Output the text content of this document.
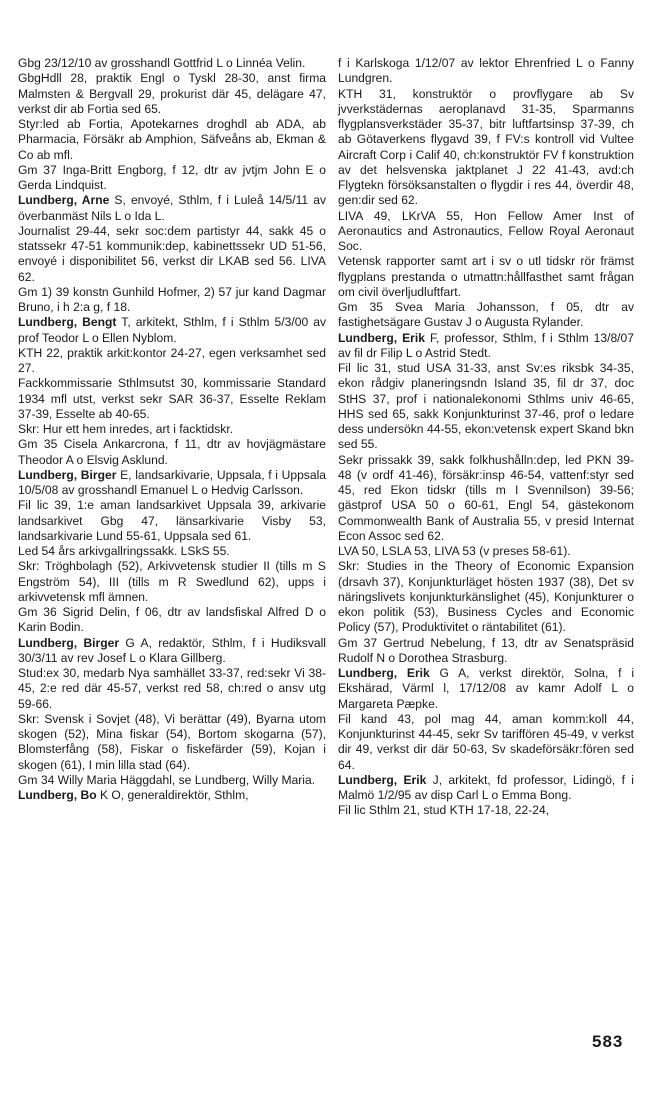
Gbg 23/12/10 av grosshandl Gottfrid L o Linnéa Velin.

GbgHdll 28, praktik Engl o Tyskl 28-30, anst firma Malmsten & Bergvall 29, prokurist där 45, delägare 47, verkst dir ab Fortia sed 65.

Styr:led ab Fortia, Apotekarnes droghdl ab ADA, ab Pharmacia, Försäkr ab Amphion, Säfveåns ab, Ekman & Co ab mfl.

Gm 37 Inga-Britt Engborg, f 12, dtr av jvtjm John E o Gerda Lindquist.

Lundberg, Arne S, envoyé, Sthlm, f i Luleå 14/5/11 av överbanmäst Nils L o Ida L.

Journalist 29-44, sekr soc:dem partistyr 44, sakk 45 o statssekr 47-51 kommunik:dep, kabinettssekr UD 51-56, envoyé i disponibilitet 56, verkst dir LKAB sed 56. LIVA 62.

Gm 1) 39 konstn Gunhild Hofmer, 2) 57 jur kand Dagmar Bruno, i h 2:a g, f 18.

Lundberg, Bengt T, arkitekt, Sthlm, f i Sthlm 5/3/00 av prof Teodor L o Ellen Nyblom.

KTH 22, praktik arkit:kontor 24-27, egen verksamhet sed 27.

Fackkommissarie Sthlmsutst 30, kommissarie Standard 1934 mfl utst, verkst sekr SAR 36-37, Esselte Reklam 37-39, Esselte ab 40-65.

Skr: Hur ett hem inredes, art i facktidskr.

Gm 35 Cisela Ankarcrona, f 11, dtr av hovjägmästare Theodor A o Elsvig Asklund.

Lundberg, Birger E, landsarkivarie, Uppsala, f i Uppsala 10/5/08 av grosshandl Emanuel L o Hedvig Carlsson.

Fil lic 39, 1:e aman landsarkivet Uppsala 39, arkivarie landsarkivet Gbg 47, länsarkivarie Visby 53, landsarkivarie Lund 55-61, Uppsala sed 61.

Led 54 års arkivgallringssakk. LSkS 55.

Skr: Tröghbolagh (52), Arkivvetensk studier II (tills m S Engström 54), III (tills m R Swedlund 62), upps i arkivvetensk mfl ämnen.

Gm 36 Sigrid Delin, f 06, dtr av landsfiskal Alfred D o Karin Bodin.

Lundberg, Birger G A, redaktör, Sthlm, f i Hudiksvall 30/3/11 av rev Josef L o Klara Gillberg.

Stud:ex 30, medarb Nya samhället 33-37, red:sekr Vi 38-45, 2:e red där 45-57, verkst red 58, ch:red o ansv utg 59-66.

Skr: Svensk i Sovjet (48), Vi berättar (49), Byarna utom skogen (52), Mina fiskar (54), Bortom skogarna (57), Blomsterfång (58), Fiskar o fiskefärder (59), Kojan i skogen (61), I min lilla stad (64).

Gm 34 Willy Maria Häggdahl, se Lundberg, Willy Maria.

Lundberg, Bo K O, generaldirektör, Sthlm,

f i Karlskoga 1/12/07 av lektor Ehrenfried L o Fanny Lundgren.

KTH 31, konstruktör o provflygare ab Sv jvverkstädernas aeroplanavd 31-35, Sparmanns flygplansverkstäder 35-37, bitr luftfartsinsp 37-39, ch ab Götaverkens flygavd 39, f FV:s kontroll vid Vultee Aircraft Corp i Calif 40, ch:konstruktör FV f konstruktion av det helsvenska jaktplanet J 22 41-43, avd:ch Flygtekn försöksanstalten o flygdir i res 44, överdir 48, gen:dir sed 62.

LIVA 49, LKrVA 55, Hon Fellow Amer Inst of Aeronautics and Astronautics, Fellow Royal Aeronaut Soc.

Vetensk rapporter samt art i sv o utl tidskr rör främst flygplans prestanda o utmattn:hållfasthet samt frågan om civil överljudluftfart.

Gm 35 Svea Maria Johansson, f 05, dtr av fastighetsägare Gustav J o Augusta Rylander.

Lundberg, Erik F, professor, Sthlm, f i Sthlm 13/8/07 av fil dr Filip L o Astrid Stedt.

Fil lic 31, stud USA 31-33, anst Sv:es riksbk 34-35, ekon rådgiv planeringsndn Island 35, fil dr 37, doc StHS 37, prof i nationalekonomi Sthlms univ 46-65, HHS sed 65, sakk Konjunkturinst 37-46, prof o ledare dess undersökn 44-55, ekon:vetensk expert Skand bkn sed 55.

Sekr prissakk 39, sakk folkhushålln:dep, led PKN 39-48 (v ordf 41-46), försäkr:insp 46-54, vattenf:styr sed 45, red Ekon tidskr (tills m I Svennilson) 39-56; gästprof USA 50 o 60-61, Engl 54, gästekonom Commonwealth Bank of Australia 55, v presid Internat Econ Assoc sed 62.

LVA 50, LSLA 53, LIVA 53 (v preses 58-61).

Skr: Studies in the Theory of Economic Expansion (drsavh 37), Konjunkturläget hösten 1937 (38), Det sv näringslivets konjunkturkänslighet (45), Konjunkturer o ekon politik (53), Business Cycles and Economic Policy (57), Produktivitet o räntabilitet (61).

Gm 37 Gertrud Nebelung, f 13, dtr av Senatspräsid Rudolf N o Dorothea Strasburg.

Lundberg, Erik G A, verkst direktör, Solna, f i Ekshärad, Värml l, 17/12/08 av kamr Adolf L o Margareta Pæpke.

Fil kand 43, pol mag 44, aman komm:koll 44, Konjunkturinst 44-45, sekr Sv tariffören 45-49, v verkst dir 49, verkst dir där 50-63, Sv skadeförsäkr:fören sed 64.

Lundberg, Erik J, arkitekt, fd professor, Lidingö, f i Malmö 1/2/95 av disp Carl L o Emma Bong.

Fil lic Sthlm 21, stud KTH 17-18, 22-24,

583
